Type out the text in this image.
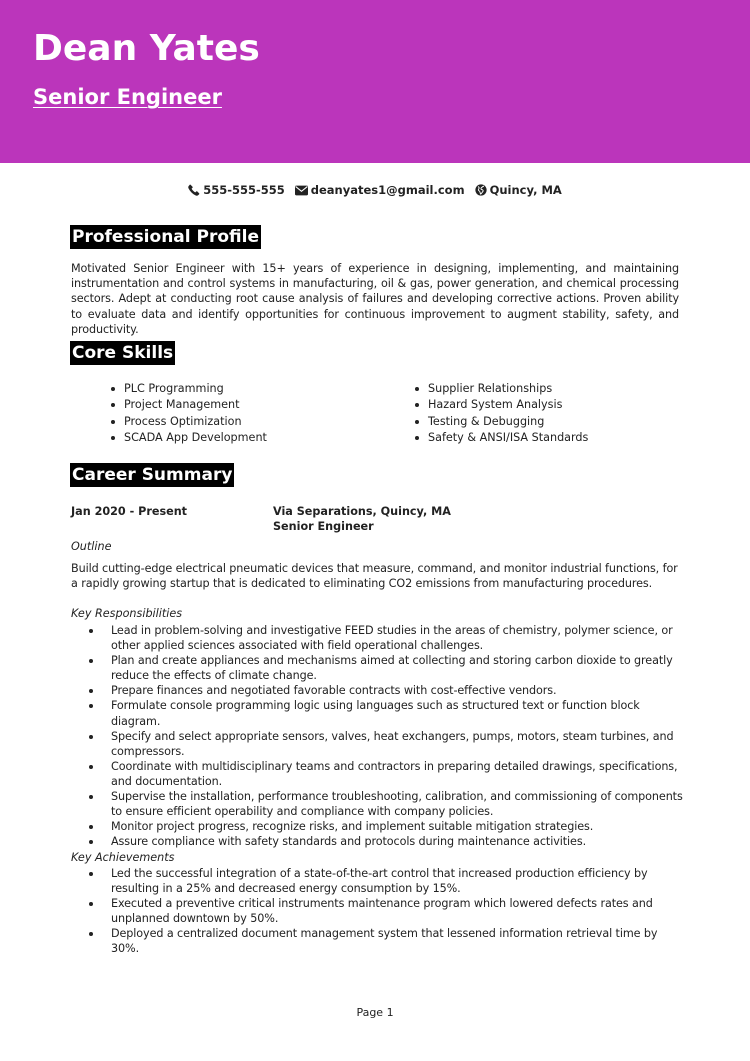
Dean Yates
Senior Engineer
555-555-555 deanyates1@gmail.com Quincy, MA
Professional Profile

Motivated Senior Engineer with 15+ years of experience in designing, implementing, and maintaining instrumentation and control systems in manufacturing, oil & gas, power generation, and chemical processing sectors. Adept at conducting root cause analysis of failures and developing corrective actions. Proven ability to evaluate data and identify opportunities for continuous improvement to augment stability, safety, and productivity.

Core Skills
PLC Programming
Project Management
Process Optimization
SCADA App Development
Supplier Relationships
Hazard System Analysis
Testing & Debugging
Safety & ANSI/ISA Standards
Career Summary
Jan 2020 - Present	Via Separations, Quincy, MA
Senior Engineer
Outline

Build cutting-edge electrical pneumatic devices that measure, command, and monitor industrial functions, for a rapidly growing startup that is dedicated to eliminating CO2 emissions from manufacturing procedures.

Key Responsibilities
Lead in problem-solving and investigative FEED studies in the areas of chemistry, polymer science, or other applied sciences associated with field operational challenges.
Plan and create appliances and mechanisms aimed at collecting and storing carbon dioxide to greatly reduce the effects of climate change.
Prepare finances and negotiated favorable contracts with cost-effective vendors.
Formulate console programming logic using languages such as structured text or function block diagram.
Specify and select appropriate sensors, valves, heat exchangers, pumps, motors, steam turbines, and compressors.
Coordinate with multidisciplinary teams and contractors in preparing detailed drawings, specifications, and documentation.
Supervise the installation, performance troubleshooting, calibration, and commissioning of components to ensure efficient operability and compliance with company policies.
Monitor project progress, recognize risks, and implement suitable mitigation strategies.
Assure compliance with safety standards and protocols during maintenance activities.
Key Achievements
Led the successful integration of a state-of-the-art control that increased production efficiency by resulting in a 25% and decreased energy consumption by 15%.
Executed a preventive critical instruments maintenance program which lowered defects rates and unplanned downtown by 50%.
Deployed a centralized document management system that lessened information retrieval time by 30%.
Page 1
